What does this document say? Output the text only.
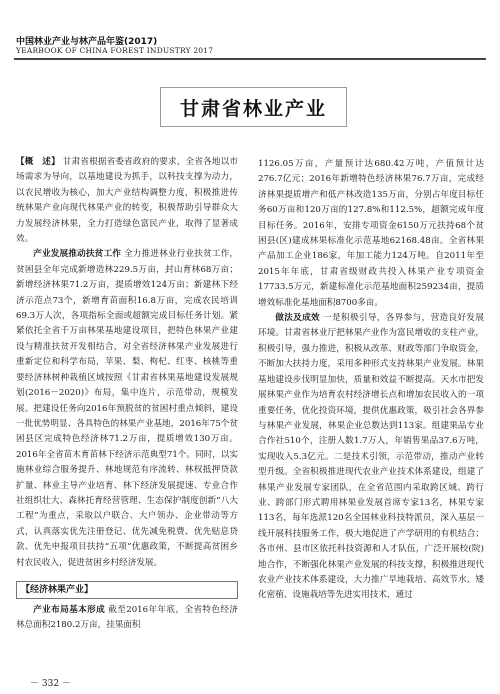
中国林业产业与林产品年鉴(2017)
YEARBOOK OF CHINA FOREST INDUSTRY 2017
甘肃省林业产业

【概　述】 甘肃省根据省委省政府的要求，全省各地以市场需求为导向，以基地建设为抓手，以科技支撑为动力，以农民增收为核心，加大产业结构调整力度，积极推进传统林果产业向现代林果产业的转变，积极帮助引导群众大力发展经济林果，全力打造绿色富民产业，取得了显著成效。

产业发展推动扶贫工作 全力推进林业行业扶贫工作，贫困县全年完成新增造林229.5万亩，封山育林68万亩；新增经济林果71.2万亩，提质增效124万亩；新建林下经济示范点73个，新增育苗面积16.8万亩，完成农民培训69.3万人次，各项指标全面或超额完成目标任务计划。紧紧依托全省千万亩林果基地建设项目，把特色林果产业建设与精准扶贫开发相结合，对全省经济林果产业发展进行重新定位和科学布局，苹果、梨、枸杞、红枣、核桃等重要经济林树种栽植区域按照《甘肃省林果基地建设发展规划(2016－2020)》布局，集中连片，示范带动，规模发展。把建设任务向2016年预脱贫的贫困村重点倾斜，建设一批优势明显、各具特色的林果产业基地，2016年75个贫困县区完成特色经济林71.2万亩，提质增效130万亩。2016年全省苗木育苗林下经济示范典型71个。同时，以实施林业综合服务提升、林地规范有序流转、林权抵押贷款扩量、林业主导产业培育、林下经济发展提速、专业合作社组织壮大、森林托育经营管理、生态保护制度创新“八大工程”为重点，采取以户联合、大户领办、企业带动等方式，认真落实优先注册登记、优先减免税费、优先贴息贷款、优先申报项目扶持“五项”优惠政策，不断提高贫困乡村农民收入，促进贫困乡村经济发展。

【经济林果产业】

产业布局基本形成 截至2016年年底，全省特色经济林总面积2180.2万亩，挂果面积

1126.05万亩，产量预计达680.42万吨，产值预计达276.7亿元；2016年新增特色经济林果76.7万亩，完成经济林果提质增产和低产林改造135万亩，分别占年度目标任务60万亩和120万亩的127.8%和112.5%，超额完成年度目标任务。2016年，安排专项资金6150万元扶持68个贫困县(区)建成林果标准化示范基地62168.48亩。全省林果产品加工企业186家，年加工能力124万吨。自2011年至2015年年底，甘肃省级财政共投入林果产业专项资金17733.5万元，新建标准化示范基地面积259234亩，提质增效标准化基地面积8700多亩。

做法及成效 一是积极引导，各界参与，营造良好发展环境。甘肃省林业厅把林果产业作为富民增收的支柱产业，积极引导，强力推进，积极从改革、财政等部门争取资金，不断加大扶持力度，采用多种形式支持林果产业发展。林果基地建设步伐明显加快，质量和效益不断提高。天水市把发展林果产业作为培育农村经济增长点和增加农民收入的一项重要任务，优化投资环境，提供优惠政策，吸引社会各界参与林果产业发展，林果企业总数达到113家。组建果品专业合作社510个，注册人数1.7万人，年销售果品37.6万吨，实现收入5.3亿元。二是技术引领，示范带动，推动产业转型升级。全省积极推进现代农业产业技术体系建设，组建了林果产业发展专家团队，在全省范围内采取跨区域、跨行业、跨部门形式聘用林果业发展首席专家13名，林果专家113名，每年选派120名全国林业科技特派员，深入基层一线开展科技服务工作，极大地促进了产学研用的有机结合；各市州、县市区依托科技资源和人才队伍，广泛开展校(院)地合作，不断强化林果产业发展的科技支撑，积极推进现代农业产业技术体系建设，大力推广旱地栽培、高效节水、矮化密植、设施栽培等先进实用技术，通过

－ 332 －
